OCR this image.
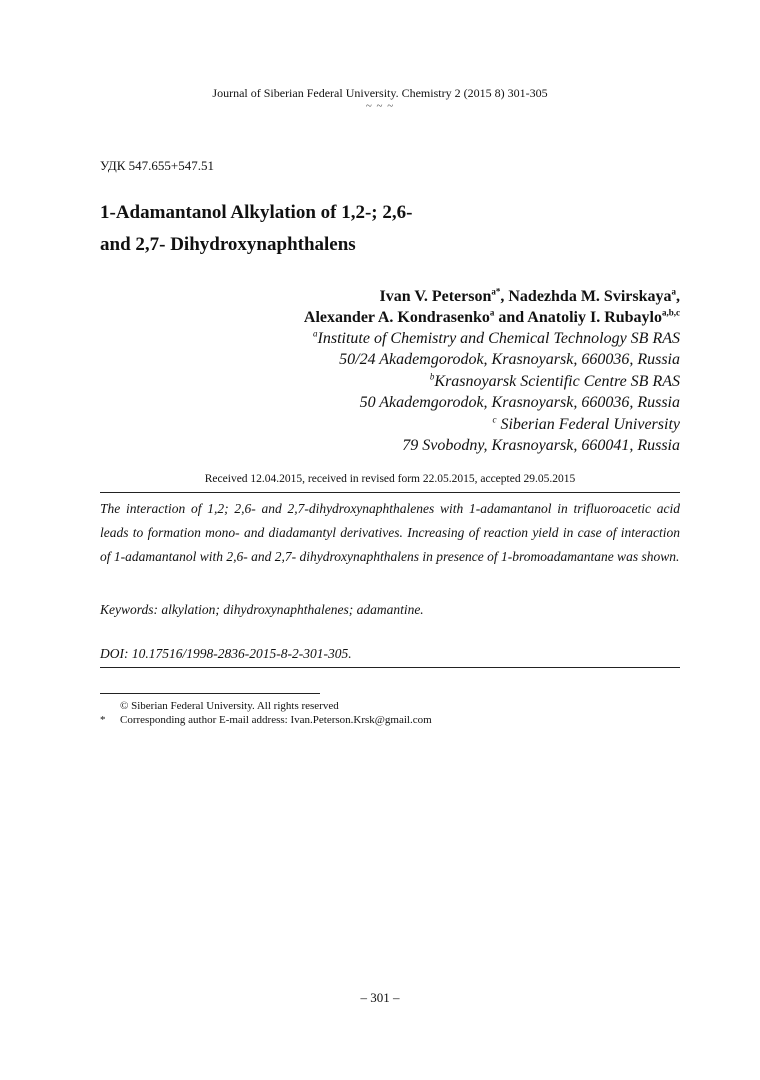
Journal of Siberian Federal University. Chemistry 2 (2015 8) 301-305
~ ~ ~
УДК 547.655+547.51
1-Adamantanol Alkylation of 1,2-; 2,6-
and 2,7- Dihydroxynaphthalens
Ivan V. Peterson$^{a*}$, Nadezhda M. Svirskaya$^a$,
Alexander A. Kondrasenko$^a$ and Anatoliy I. Rubaylo$^{a,b,c}$
$^a$Institute of Chemistry and Chemical Technology SB RAS
50/24 Akademgorodok, Krasnoyarsk, 660036, Russia
$^b$Krasnoyarsk Scientific Centre SB RAS
50 Akademgorodok, Krasnoyarsk, 660036, Russia
$^c$ Siberian Federal University
79 Svobodny, Krasnoyarsk, 660041, Russia
Received 12.04.2015, received in revised form 22.05.2015, accepted 29.05.2015

The interaction of 1,2; 2,6- and 2,7-dihydroxynaphthalenes with 1-adamantanol in trifluoroacetic acid leads to formation mono- and diadamantyl derivatives. Increasing of reaction yield in case of interaction of 1-adamantanol with 2,6- and 2,7- dihydroxynaphthalens in presence of 1-bromoadamantane was shown.

Keywords: alkylation; dihydroxynaphthalenes; adamantine.

DOI: 10.17516/1998-2836-2015-8-2-301-305.

© Siberian Federal University. All rights reserved
* Corresponding author E-mail address: Ivan.Peterson.Krsk@gmail.com
– 301 –
